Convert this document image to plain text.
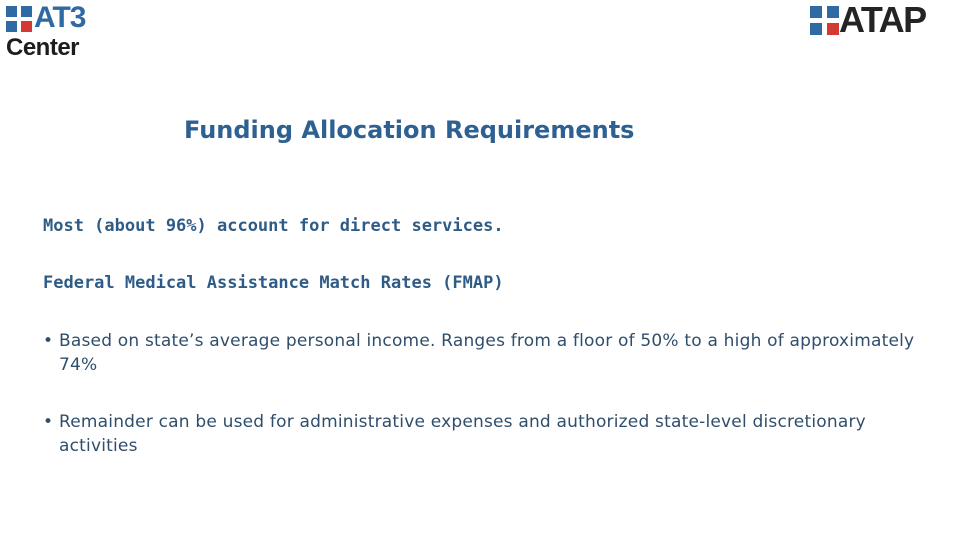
AT3
Center
ATAP
Funding Allocation Requirements
Most (about 96%) account for direct services.
Federal Medical Assistance Match Rates (FMAP)
• Based on state’s average personal income. Ranges from a floor of 50% to a high of approximately 74%
• Remainder can be used for administrative expenses and authorized state-level discretionary activities
